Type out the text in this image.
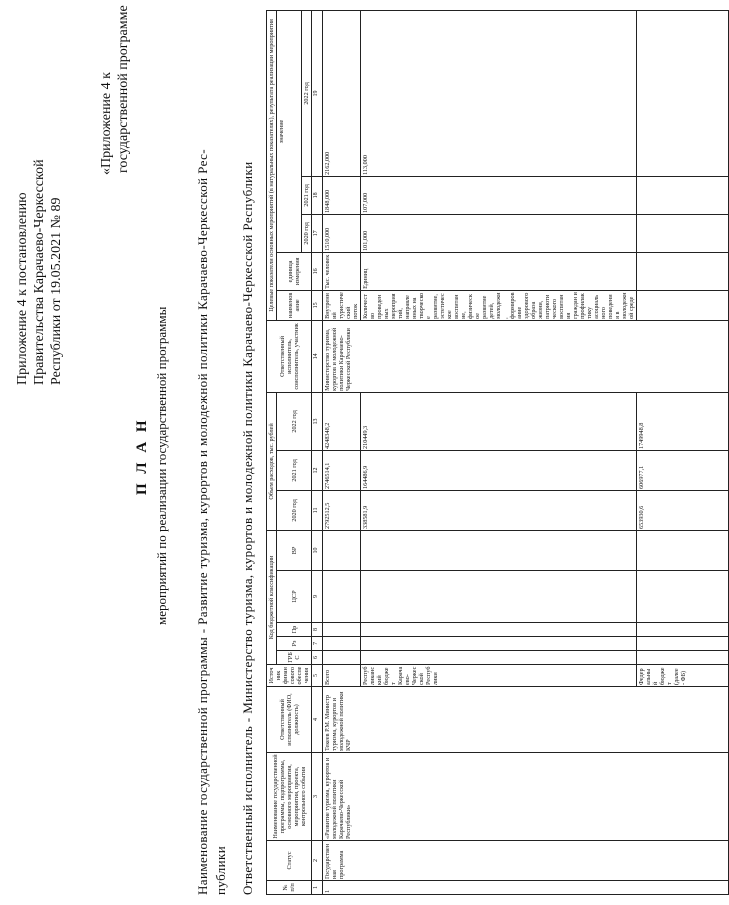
Приложение 4 к постановлению Правительства Карачаево-Черкесской Республики от 19.05.2021 № 89
«Приложение 4 к государственной программе
П Л А Н мероприятий по реализации государственной программы Наименование государственной программы - Развитие туризма, курортов и молодежной политики Карачаево-Черкесской Рес- публики Ответственный исполнитель - Министерство туризма, курортов и молодежной политики Карачаево-Черкесской Республики	№ п/п	Статус	Наименование государственной программы, подпрограммы, основного мероприятия, мероприятия, проекта, контрольного события	Ответственный исполнитель (ФИО, должность)	Источник финансового обеспечения	Код бюджетной классификации					Объем расходов, тыс. рублей			Ответственный исполнитель, соисполнитель, участник	Целевые показатели основных мероприятий (в натуральных показателях), результата реализации мероприятия				
					ГРБС	Рз	Пр	ЦСР	ВР	2020 год	2021 год	2022 год		наименование	единица измерения	значение		
																2020 год	2021 год	2022 год
1	2	3	4	5	6	7	8	9	10	11	12	13	14	15	16	17	18	19
1	Государственная программа	«Развитие туризма, курортов и молодежной политики Карачаево-Черкесской Республики»	Текеев Р.М. Министр туризма, курортов и молодежной политики КЧР	Всего						2792512,5	2746514,1	4248348,2	Министерство туризма, курортов и молодежной политики Карачаево-Черкесской Республики	Внутренний туристический поток	Тыс. человек	1510,000	1848,000	2162,000
				Республиканский бюджет Карачаево-Черкесской Республики						338581,9	164486,9	210449,3		Количество проведенных мероприятий, направленных на творческое развитие, эстетическое воспитание, физическое развитие детей, молодежи, формирование здорового образа жизни, патриотического воспитания граждан и профилактику асоциального поведения в молодежной среде	Единиц	101,000	107,000	113,000
				Федеральный бюджет (далее - ФБ)						653930,6	606977,1	1749948,8						
